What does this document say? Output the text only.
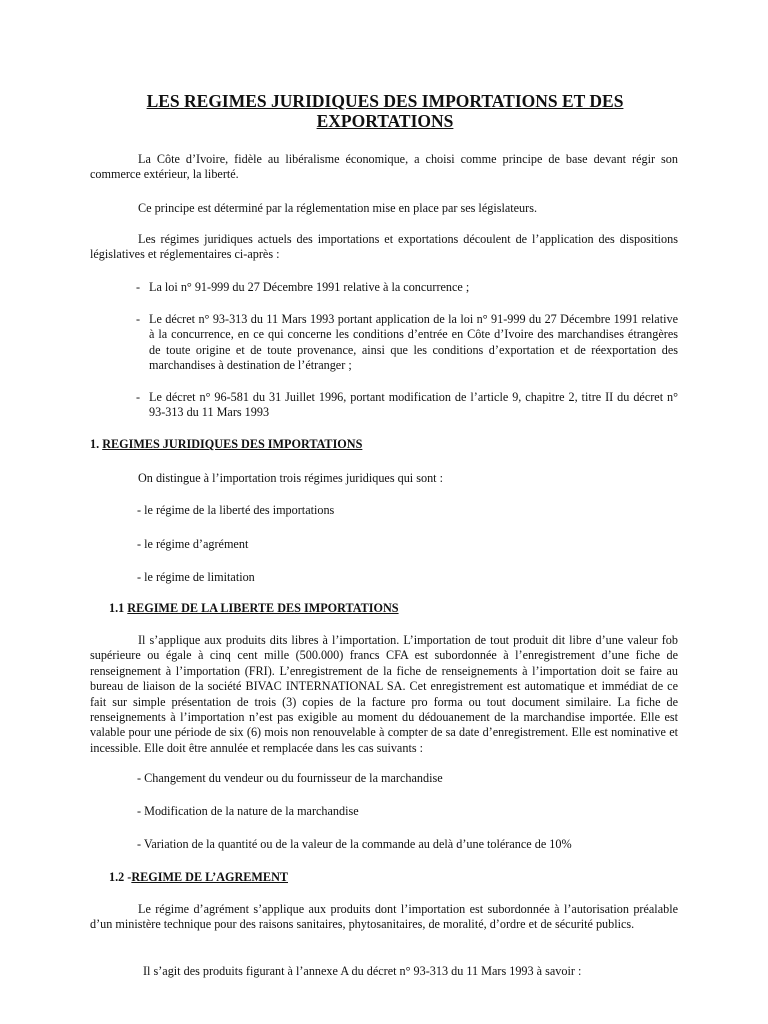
LES REGIMES JURIDIQUES DES IMPORTATIONS ET DES
EXPORTATIONS

La Côte d’Ivoire, fidèle au libéralisme économique, a choisi comme principe de base devant régir son commerce extérieur, la liberté.

Ce principe est déterminé par la réglementation mise en place par ses législateurs.

Les régimes juridiques actuels des importations et exportations découlent de l’application des dispositions législatives et réglementaires ci-après :

- La loi n° 91-999 du 27 Décembre 1991 relative à la concurrence ;
- Le décret n° 93-313 du 11 Mars 1993 portant application de la loi n° 91-999 du 27 Décembre 1991 relative à la concurrence, en ce qui concerne les conditions d’entrée en Côte d’Ivoire des marchandises étrangères de toute origine et de toute provenance, ainsi que les conditions d’exportation et de réexportation des marchandises à destination de l’étranger ;
- Le décret n° 96-581 du 31 Juillet 1996, portant modification de l’article 9, chapitre 2, titre II du décret n° 93-313 du 11 Mars 1993

1. REGIMES JURIDIQUES DES IMPORTATIONS

On distingue à l’importation trois régimes juridiques qui sont :

- le régime de la liberté des importations

- le régime d’agrément

- le régime de limitation

1.1 REGIME DE LA LIBERTE DES IMPORTATIONS

Il s’applique aux produits dits libres à l’importation. L’importation de tout produit dit libre d’une valeur fob supérieure ou égale à cinq cent mille (500.000) francs CFA est subordonnée à l’enregistrement d’une fiche de renseignement à l’importation (FRI). L’enregistrement de la fiche de renseignements à l’importation doit se faire au bureau de liaison de la société BIVAC INTERNATIONAL SA. Cet enregistrement est automatique et immédiat de ce fait sur simple présentation de trois (3) copies de la facture pro forma ou tout document similaire. La fiche de renseignements à l’importation n’est pas exigible au moment du dédouanement de la marchandise importée. Elle est valable pour une période de six (6) mois non renouvelable à compter de sa date d’enregistrement. Elle est nominative et incessible. Elle doit être annulée et remplacée dans les cas suivants :

- Changement du vendeur ou du fournisseur de la marchandise

- Modification de la nature de la marchandise

- Variation de la quantité ou de la valeur de la commande au delà d’une tolérance de 10%

1.2 -REGIME DE L’AGREMENT

Le régime d’agrément s’applique aux produits dont l’importation est subordonnée à l’autorisation préalable d’un ministère technique pour des raisons sanitaires, phytosanitaires, de moralité, d’ordre et de sécurité publics.

Il s’agit des produits figurant à l’annexe A du décret n° 93-313 du 11 Mars 1993 à savoir :
